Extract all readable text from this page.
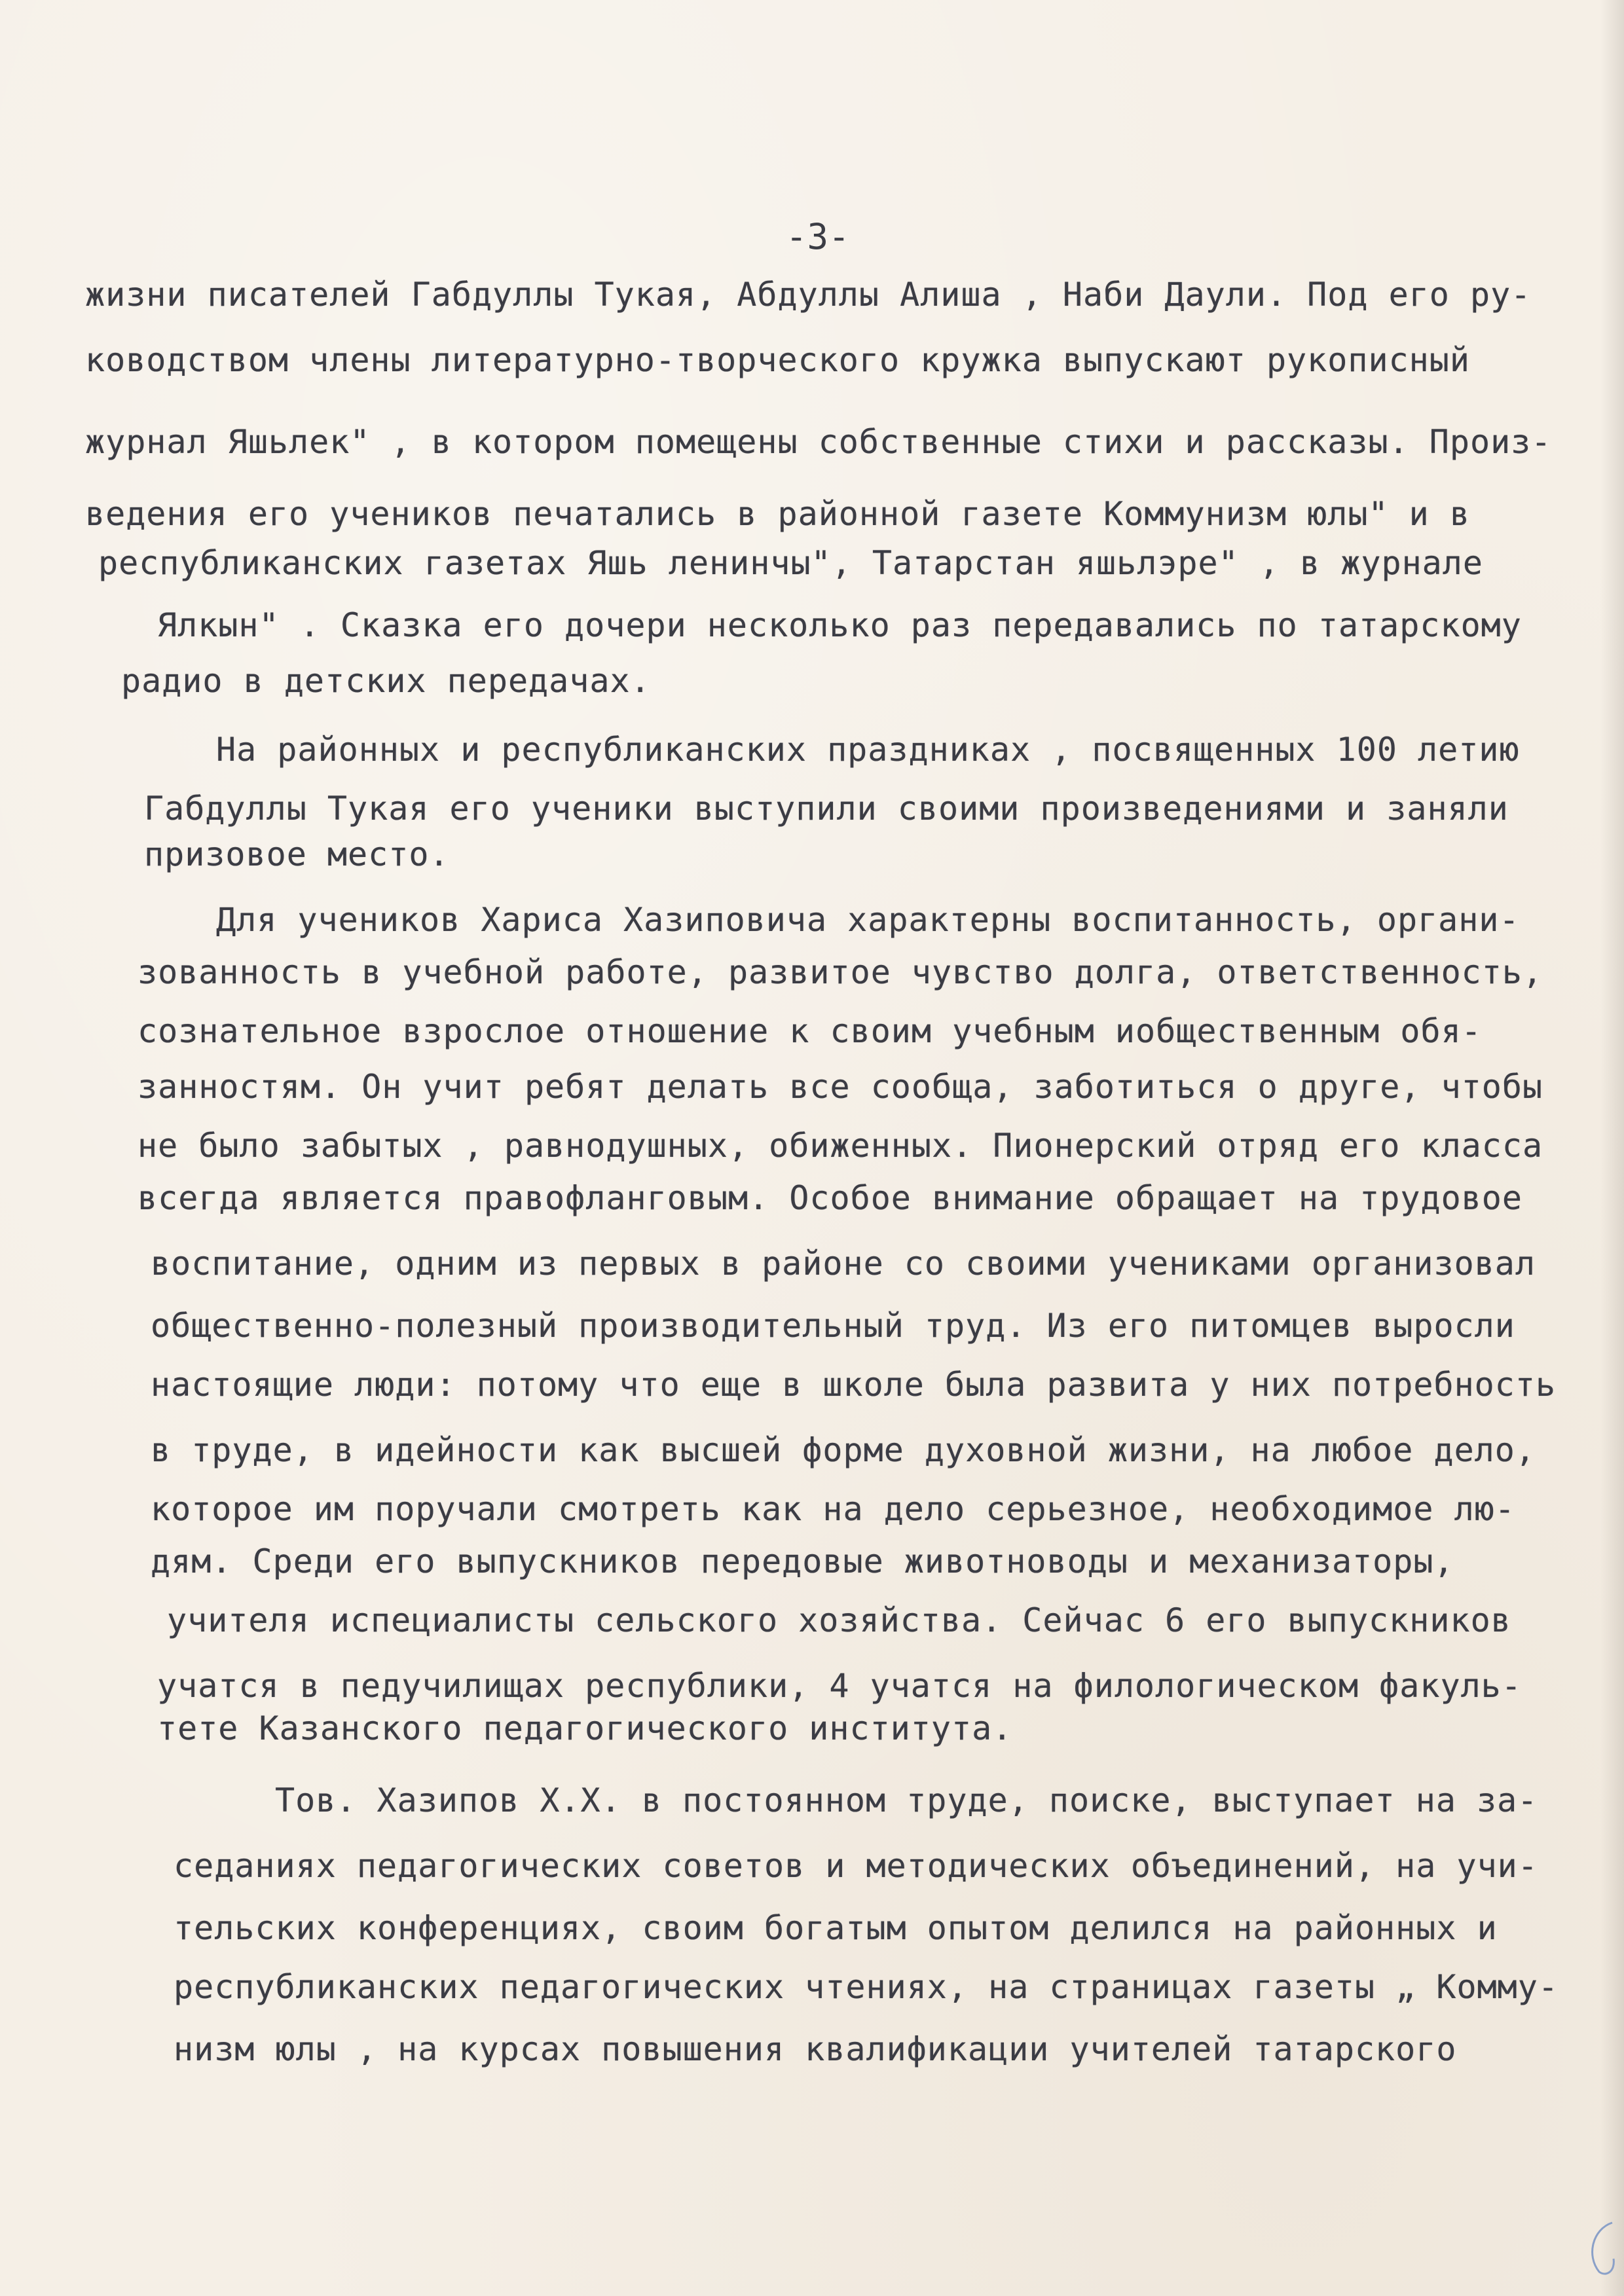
-3-
жизни писателей Габдуллы Тукая, Абдуллы Алиша , Наби Даули. Под его ру-
ководством члены литературно-творческого кружка выпускают рукописный
журнал Яшьлек" , в котором помещены собственные стихи и рассказы. Произ-
ведения его учеников печатались в районной газете Коммунизм юлы" и в
республиканских газетах Яшь ленинчы", Татарстан яшьлэре" , в журнале
Ялкын" . Сказка его дочери несколько раз передавались по татарскому
радио в детских передачах.
На районных и республиканских праздниках , посвященных 100 летию
Габдуллы Тукая его ученики выступили своими произведениями и заняли
призовое место.
Для учеников Хариса Хазиповича характерны воспитанность, органи-
зованность в учебной работе, развитое чувство долга, ответственность,
сознательное взрослое отношение к своим учебным иобщественным обя-
занностям. Он учит ребят делать все сообща, заботиться о друге, чтобы
не было забытых , равнодушных, обиженных. Пионерский отряд его класса
всегда является правофланговым. Особое внимание обращает на трудовое
воспитание, одним из первых в районе со своими учениками организовал
общественно-полезный производительный труд. Из его питомцев выросли
настоящие люди: потому что еще в школе была развита у них потребность
в труде, в идейности как высшей форме духовной жизни, на любое дело,
которое им поручали смотреть как на дело серьезное, необходимое лю-
дям. Среди его выпускников передовые животноводы и механизаторы,
учителя испециалисты сельского хозяйства. Сейчас 6 его выпускников
учатся в педучилищах республики, 4 учатся на филологическом факуль-
тете Казанского педагогического института.
Тов. Хазипов Х.Х. в постоянном труде, поиске, выступает на за-
седаниях педагогических советов и методических объединений, на учи-
тельских конференциях, своим богатым опытом делился на районных и
республиканских педагогических чтениях, на страницах газеты „ Комму-
низм юлы , на курсах повышения квалификации учителей татарского
